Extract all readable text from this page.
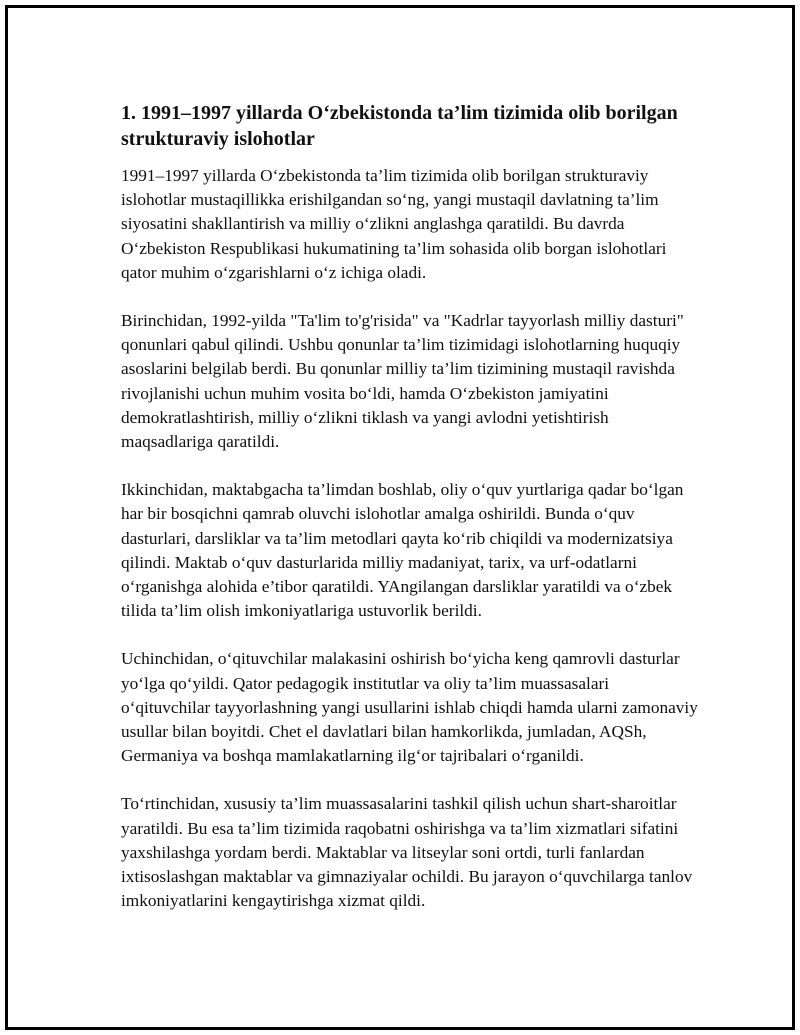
1. 1991–1997 yillarda O‘zbekistonda ta’lim tizimida olib borilgan strukturaviy islohotlar

1991–1997 yillarda O‘zbekistonda ta’lim tizimida olib borilgan strukturaviy islohotlar mustaqillikka erishilgandan so‘ng, yangi mustaqil davlatning ta’lim siyosatini shakllantirish va milliy o‘zlikni anglashga qaratildi. Bu davrda O‘zbekiston Respublikasi hukumatining ta’lim sohasida olib borgan islohotlari qator muhim o‘zgarishlarni o‘z ichiga oladi.

Birinchidan, 1992-yilda "Ta'lim to'g'risida" va "Kadrlar tayyorlash milliy dasturi" qonunlari qabul qilindi. Ushbu qonunlar ta’lim tizimidagi islohotlarning huquqiy asoslarini belgilab berdi. Bu qonunlar milliy ta’lim tizimining mustaqil ravishda rivojlanishi uchun muhim vosita bo‘ldi, hamda O‘zbekiston jamiyatini demokratlashtirish, milliy o‘zlikni tiklash va yangi avlodni yetishtirish maqsadlariga qaratildi.

Ikkinchidan, maktabgacha ta’limdan boshlab, oliy o‘quv yurtlariga qadar bo‘lgan har bir bosqichni qamrab oluvchi islohotlar amalga oshirildi. Bunda o‘quv dasturlari, darsliklar va ta’lim metodlari qayta ko‘rib chiqildi va modernizatsiya qilindi. Maktab o‘quv dasturlarida milliy madaniyat, tarix, va urf-odatlarni o‘rganishga alohida e’tibor qaratildi. YAngilangan darsliklar yaratildi va o‘zbek tilida ta’lim olish imkoniyatlariga ustuvorlik berildi.

Uchinchidan, o‘qituvchilar malakasini oshirish bo‘yicha keng qamrovli dasturlar yo‘lga qo‘yildi. Qator pedagogik institutlar va oliy ta’lim muassasalari o‘qituvchilar tayyorlashning yangi usullarini ishlab chiqdi hamda ularni zamonaviy usullar bilan boyitdi. Chet el davlatlari bilan hamkorlikda, jumladan, AQSh, Germaniya va boshqa mamlakatlarning ilg‘or tajribalari o‘rganildi.

To‘rtinchidan, xususiy ta’lim muassasalarini tashkil qilish uchun shart-sharoitlar yaratildi. Bu esa ta’lim tizimida raqobatni oshirishga va ta’lim xizmatlari sifatini yaxshilashga yordam berdi. Maktablar va litseylar soni ortdi, turli fanlardan ixtisoslashgan maktablar va gimnaziyalar ochildi. Bu jarayon o‘quvchilarga tanlov imkoniyatlarini kengaytirishga xizmat qildi.
